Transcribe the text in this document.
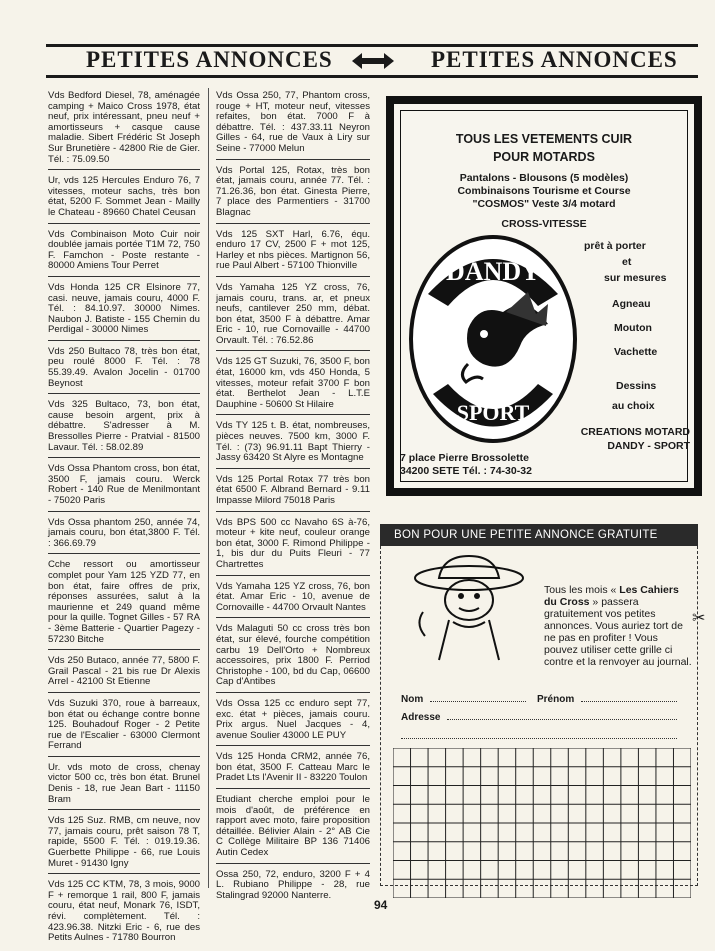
PETITES ANNONCES	PETITES ANNONCES
Vds Bedford Diesel, 78, aménagée camping + Maico Cross 1978, état neuf, prix intéressant, pneu neuf + amortisseurs + casque cause maladie. Sibert Frédéric St Joseph Sur Brunetière - 42800 Rie de Gier. Tél. : 75.09.50
Ur, vds 125 Hercules Enduro 76, 7 vitesses, moteur sachs, très bon état, 5200 F. Sommet Jean - Mailly le Chateau - 89660 Chatel Ceusan
Vds Combinaison Moto Cuir noir doublée jamais portée T1M 72, 750 F. Famchon - Poste restante - 80000 Amiens Tour Perret
Vds Honda 125 CR Elsinore 77, casi. neuve, jamais couru, 4000 F. Tél. : 84.10.97. 30000 Nimes. Naubon J. Batiste - 155 Chemin du Perdigal - 30000 Nimes
Vds 250 Bultaco 78, très bon état, peu roulé 8000 F. Tél. : 78 55.39.49. Avalon Jocelin - 01700 Beynost
Vds 325 Bultaco, 73, bon état, cause besoin argent, prix à débattre. S'adresser à M. Bressolles Pierre - Pratvial - 81500 Lavaur. Tél. : 58.02.89
Vds Ossa Phantom cross, bon état, 3500 F, jamais couru. Werck Robert - 140 Rue de Menilmontant - 75020 Paris
Vds Ossa phantom 250, année 74, jamais couru, bon état,3800 F. Tél. : 366.69.79
Cche ressort ou amortisseur complet pour Yam 125 YZD 77, en bon état, faire offres de prix, réponses assurées, salut à la maurienne et 249 quand même pour la quille. Tognet Gilles - 57 RA - 3ème Batterie - Quartier Pagezy - 57230 Bitche
Vds 250 Butaco, année 77, 5800 F. Grail Pascal - 21 bis rue Dr Alexis Arrel - 42100 St Etienne
Vds Suzuki 370, roue à barreaux, bon état ou échange contre bonne 125. Bouhadouf Roger - 2 Petite rue de l'Escalier - 63000 Clermont Ferrand
Ur. vds moto de cross, chenay victor 500 cc, très bon état. Brunel Denis - 18, rue Jean Bart - 11150 Bram
Vds 125 Suz. RMB, cm neuve, nov 77, jamais couru, prêt saison 78 T, rapide, 5500 F. Tél. : 019.19.36. Guerbette Philippe - 66, rue Louis Muret - 91430 Igny
Vds 125 CC KTM, 78, 3 mois, 9000 F + remorque 1 rail, 800 F, jamais couru, état neuf, Monark 76, ISDT, révi. complètement. Tél. : 423.96.38. Nitzki Eric - 6, rue des Petits Aulnes - 71780 Bourron
Vds Ossa 250, 77, Phantom cross, rouge + HT, moteur neuf, vitesses refaites, bon état. 7000 F à débattre. Tél. : 437.33.11 Neyron Gilles - 64, rue de Vaux à Liry sur Seine - 77000 Melun
Vds Portal 125, Rotax, très bon état, jamais couru, année 77. Tél. : 71.26.36, bon état. Ginesta Pierre, 7 place des Parmentiers - 31700 Blagnac
Vds 125 SXT Harl, 6.76, équ. enduro 17 CV, 2500 F + mot 125, Harley et nbs pièces. Martignon 56, rue Paul Albert - 57100 Thionville
Vds Yamaha 125 YZ cross, 76, jamais couru, trans. ar, et pneux neufs, cantilever 250 mm, débat. bon état, 3500 F à débattre. Amar Eric - 10, rue Cornovaille - 44700 Orvault. Tél. : 76.52.86
Vds 125 GT Suzuki, 76, 3500 F, bon état, 16000 km, vds 450 Honda, 5 vitesses, moteur refait 3700 F bon état. Berthelot Jean - L.T.E Dauphine - 50600 St Hilaire
Vds TY 125 t. B. état, nombreuses, pièces neuves. 7500 km, 3000 F. Tél. : (73) 96.91.11 Bapt Thierry - Jassy 63420 St Alyre es Montagne
Vds 125 Portal Rotax 77 très bon état 6500 F. Albrand Bernard - 9.11 Impasse Milord 75018 Paris
Vds BPS 500 cc Navaho 6S à-76, moteur + kite neuf, couleur orange bon état, 3000 F. Rimond Philippe - 1, bis dur du Puits Fleuri - 77 Chartrettes
Vds Yamaha 125 YZ cross, 76, bon état. Amar Eric - 10, avenue de Cornovaille - 44700 Orvault Nantes
Vds Malaguti 50 cc cross très bon état, sur élevé, fourche compétition carbu 19 Dell'Orto + Nombreux accessoires, prix 1800 F. Perriod Christophe - 100, bd du Cap, 06600 Cap d'Antibes
Vds Ossa 125 cc enduro sept 77, exc. état + pièces, jamais couru. Prix argus. Nuel Jacques - 4, avenue Soulier 43000 LE PUY
Vds 125 Honda CRM2, année 76, bon état, 3500 F. Catteau Marc le Pradet Lts l'Avenir II - 83220 Toulon
Etudiant cherche emploi pour le mois d'août, de préférence en rapport avec moto, faire proposition détaillée. Bélivier Alain - 2° AB Cie C Collège Militaire BP 136 71406 Autin Cedex
Ossa 250, 72, enduro, 3200 F + 4 L. Rubiano Philippe - 28, rue Stalingrad 92000 Nanterre.
TOUS LES VETEMENTS CUIR
POUR MOTARDS
Pantalons - Blousons (5 modèles)
Combinaisons Tourisme et Course
"COSMOS" Veste 3/4 motard
CROSS-VITESSE
DANDY
SPORT
prêt à porter
et
sur mesures
Agneau
Mouton
Vachette
Dessins
au choix
CREATIONS MOTARD
DANDY - SPORT
7 place Pierre Brossolette
34200 SETE Tél. : 74-30-32
BON POUR UNE PETITE ANNONCE GRATUITE
Tous les mois « Les Cahiers du Cross » passera gratuitement vos petites annonces. Vous auriez tort de ne pas en profiter ! Vous pouvez utiliser cette grille ci contre et la renvoyer au journal.
Nom	Prénom
Adresse
✂
94
